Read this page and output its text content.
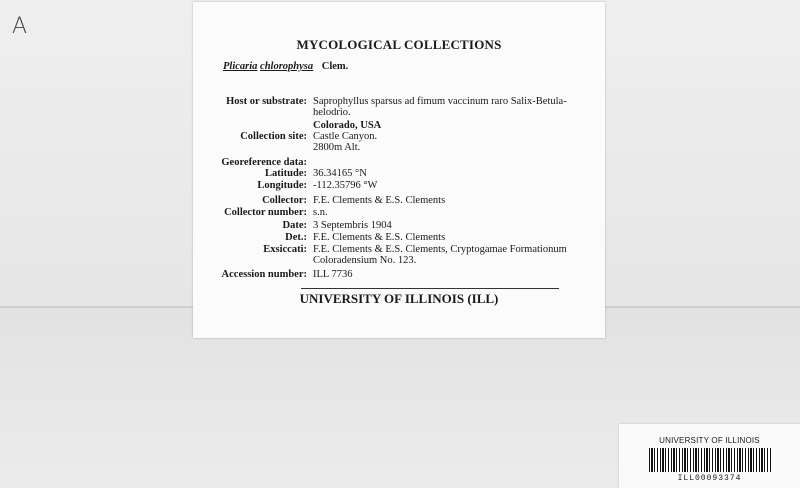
A
MYCOLOGICAL COLLECTIONS
Plicaria chlorophysa Clem.
Host or substrate: Saprophyllus sparsus ad fimum vaccinum raro Salix-Betula-helodrio.
Colorado, USA
Collection site: Castle Canyon.
2800m Alt.
Georeference data:
Latitude: 36.34165 °N
Longitude: -112.35796 °W
Collector: F.E. Clements & E.S. Clements
Collector number: s.n.
Date: 3 Septembris 1904
Det.: F.E. Clements & E.S. Clements
Exsiccati: F.E. Clements & E.S. Clements, Cryptogamae Formationum Coloradensium No. 123.
Accession number: ILL 7736
UNIVERSITY OF ILLINOIS (ILL)
UNIVERSITY OF ILLINOIS
ILL00093374
